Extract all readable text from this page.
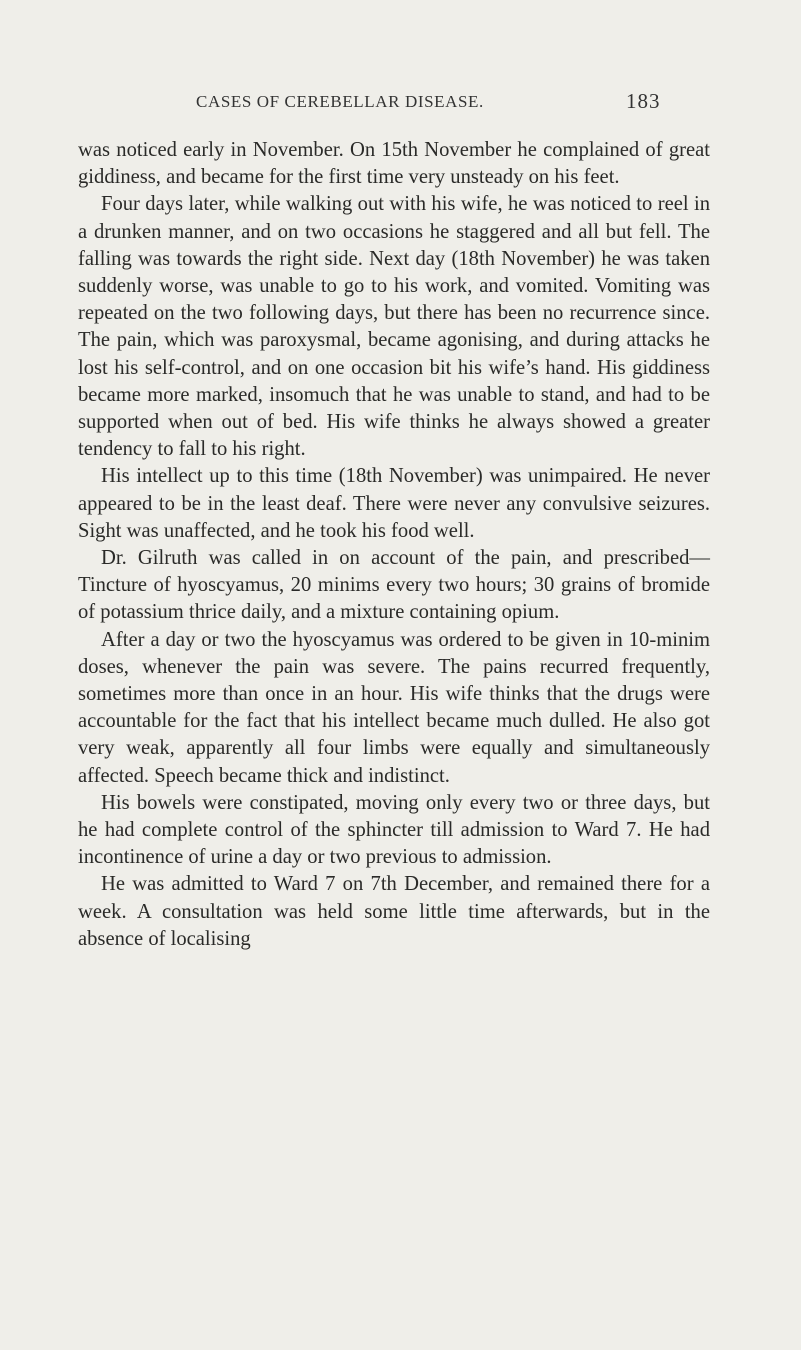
CASES OF CEREBELLAR DISEASE.	183

was noticed early in November. On 15th November he complained of great giddiness, and became for the first time very unsteady on his feet.

Four days later, while walking out with his wife, he was noticed to reel in a drunken manner, and on two occasions he staggered and all but fell. The falling was towards the right side. Next day (18th November) he was taken suddenly worse, was unable to go to his work, and vomited. Vomiting was repeated on the two following days, but there has been no recurrence since. The pain, which was paroxysmal, became agonising, and during attacks he lost his self-control, and on one occasion bit his wife’s hand. His giddiness became more marked, insomuch that he was unable to stand, and had to be supported when out of bed. His wife thinks he always showed a greater tendency to fall to his right.

His intellect up to this time (18th November) was unimpaired. He never appeared to be in the least deaf. There were never any convulsive seizures. Sight was unaffected, and he took his food well.

Dr. Gilruth was called in on account of the pain, and prescribed—Tincture of hyoscyamus, 20 minims every two hours; 30 grains of bromide of potassium thrice daily, and a mixture containing opium.

After a day or two the hyoscyamus was ordered to be given in 10-minim doses, whenever the pain was severe. The pains recurred frequently, sometimes more than once in an hour. His wife thinks that the drugs were accountable for the fact that his intellect became much dulled. He also got very weak, apparently all four limbs were equally and simultaneously affected. Speech became thick and indistinct.

His bowels were constipated, moving only every two or three days, but he had complete control of the sphincter till admission to Ward 7. He had incontinence of urine a day or two previous to admission.

He was admitted to Ward 7 on 7th December, and remained there for a week. A consultation was held some little time afterwards, but in the absence of localising
